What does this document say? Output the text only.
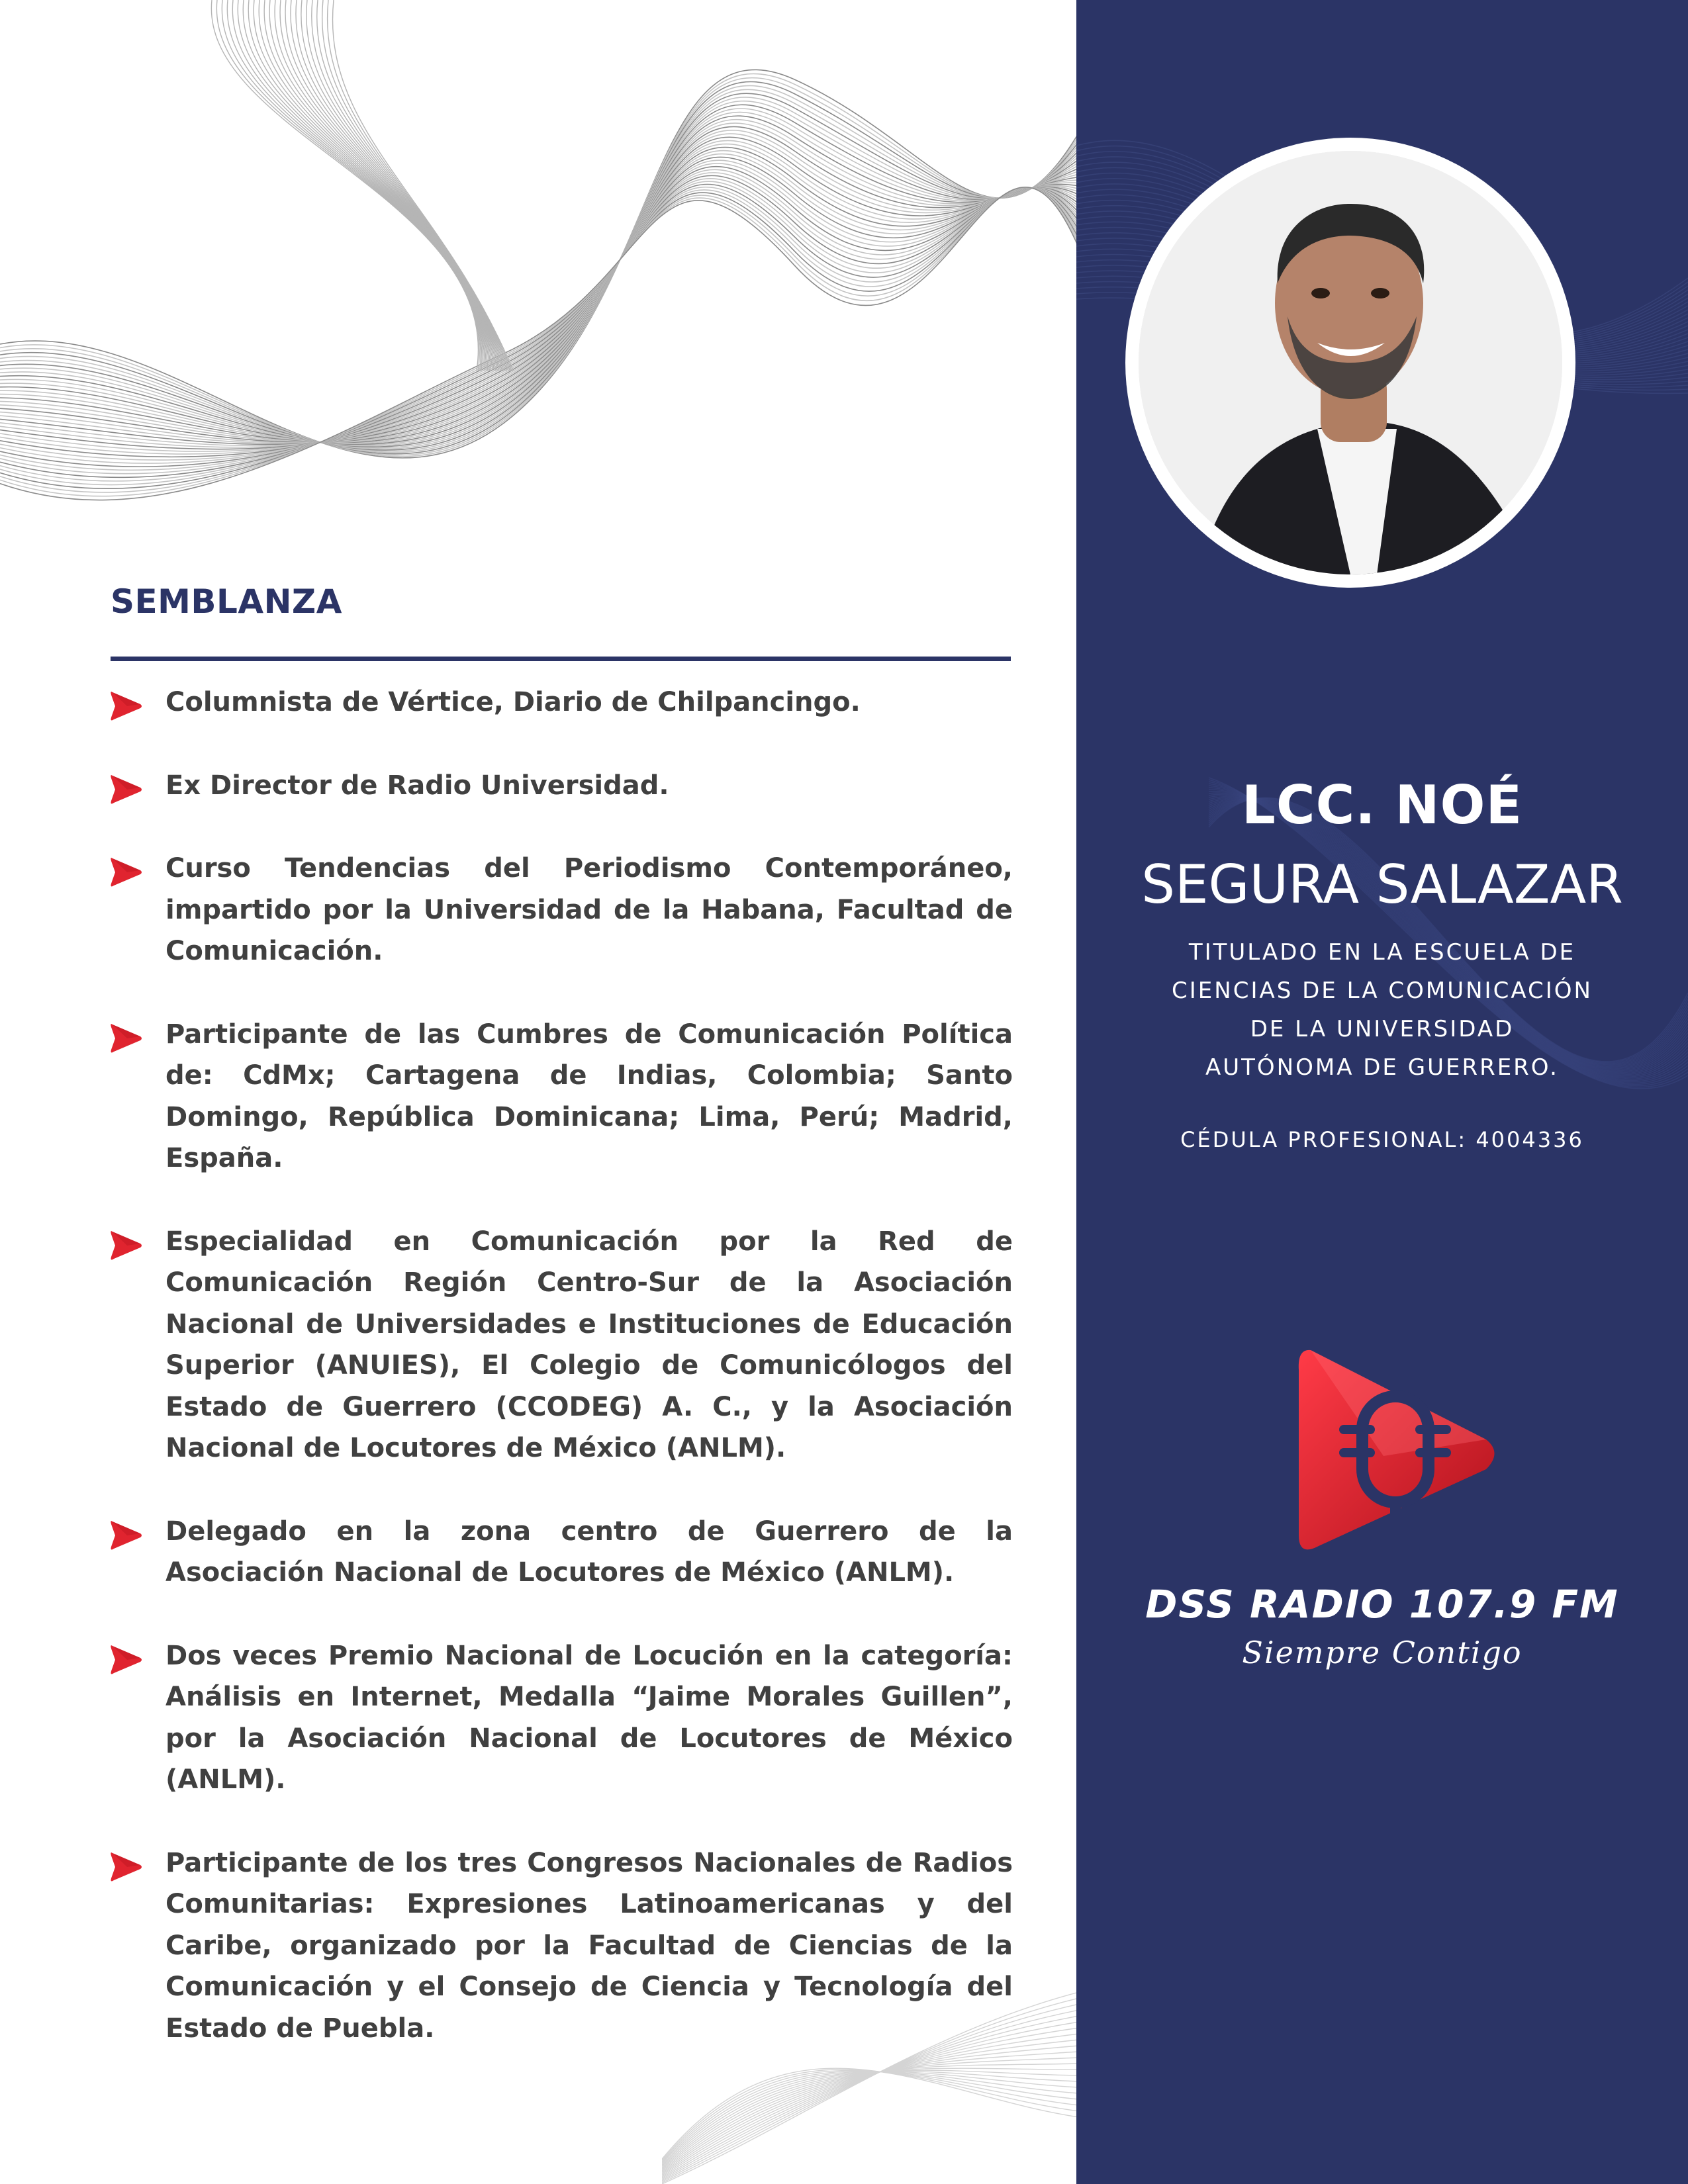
SEMBLANZA
Columnista de Vértice, Diario de Chilpancingo.
Ex Director de Radio Universidad.
Curso Tendencias del Periodismo Contemporáneo, impartido por la Universidad de la Habana, Facultad de Comunicación.
Participante de las Cumbres de Comunicación Política de: CdMx; Cartagena de Indias, Colombia; Santo Domingo, República Dominicana; Lima, Perú; Madrid, España.
Especialidad en Comunicación por la Red de Comunicación Región Centro-Sur de la Asociación Nacional de Universidades e Instituciones de Educación Superior (ANUIES), El Colegio de Comunicólogos del Estado de Guerrero (CCODEG) A. C., y la Asociación Nacional de Locutores de México (ANLM).
Delegado en la zona centro de Guerrero de la Asociación Nacional de Locutores de México (ANLM).
Dos veces Premio Nacional de Locución en la categoría: Análisis en Internet, Medalla “Jaime Morales Guillen”, por la Asociación Nacional de Locutores de México (ANLM).
Participante de los tres Congresos Nacionales de Radios Comunitarias: Expresiones Latinoamericanas y del Caribe, organizado por la Facultad de Ciencias de la Comunicación y el Consejo de Ciencia y Tecnología del Estado de Puebla.
LCC. NOÉ
SEGURA SALAZAR
TITULADO EN LA ESCUELA DE
CIENCIAS DE LA COMUNICACIÓN
DE LA UNIVERSIDAD
AUTÓNOMA DE GUERRERO.
CÉDULA PROFESIONAL: 4004336
DSS RADIO 107.9 FM
Siempre Contigo
